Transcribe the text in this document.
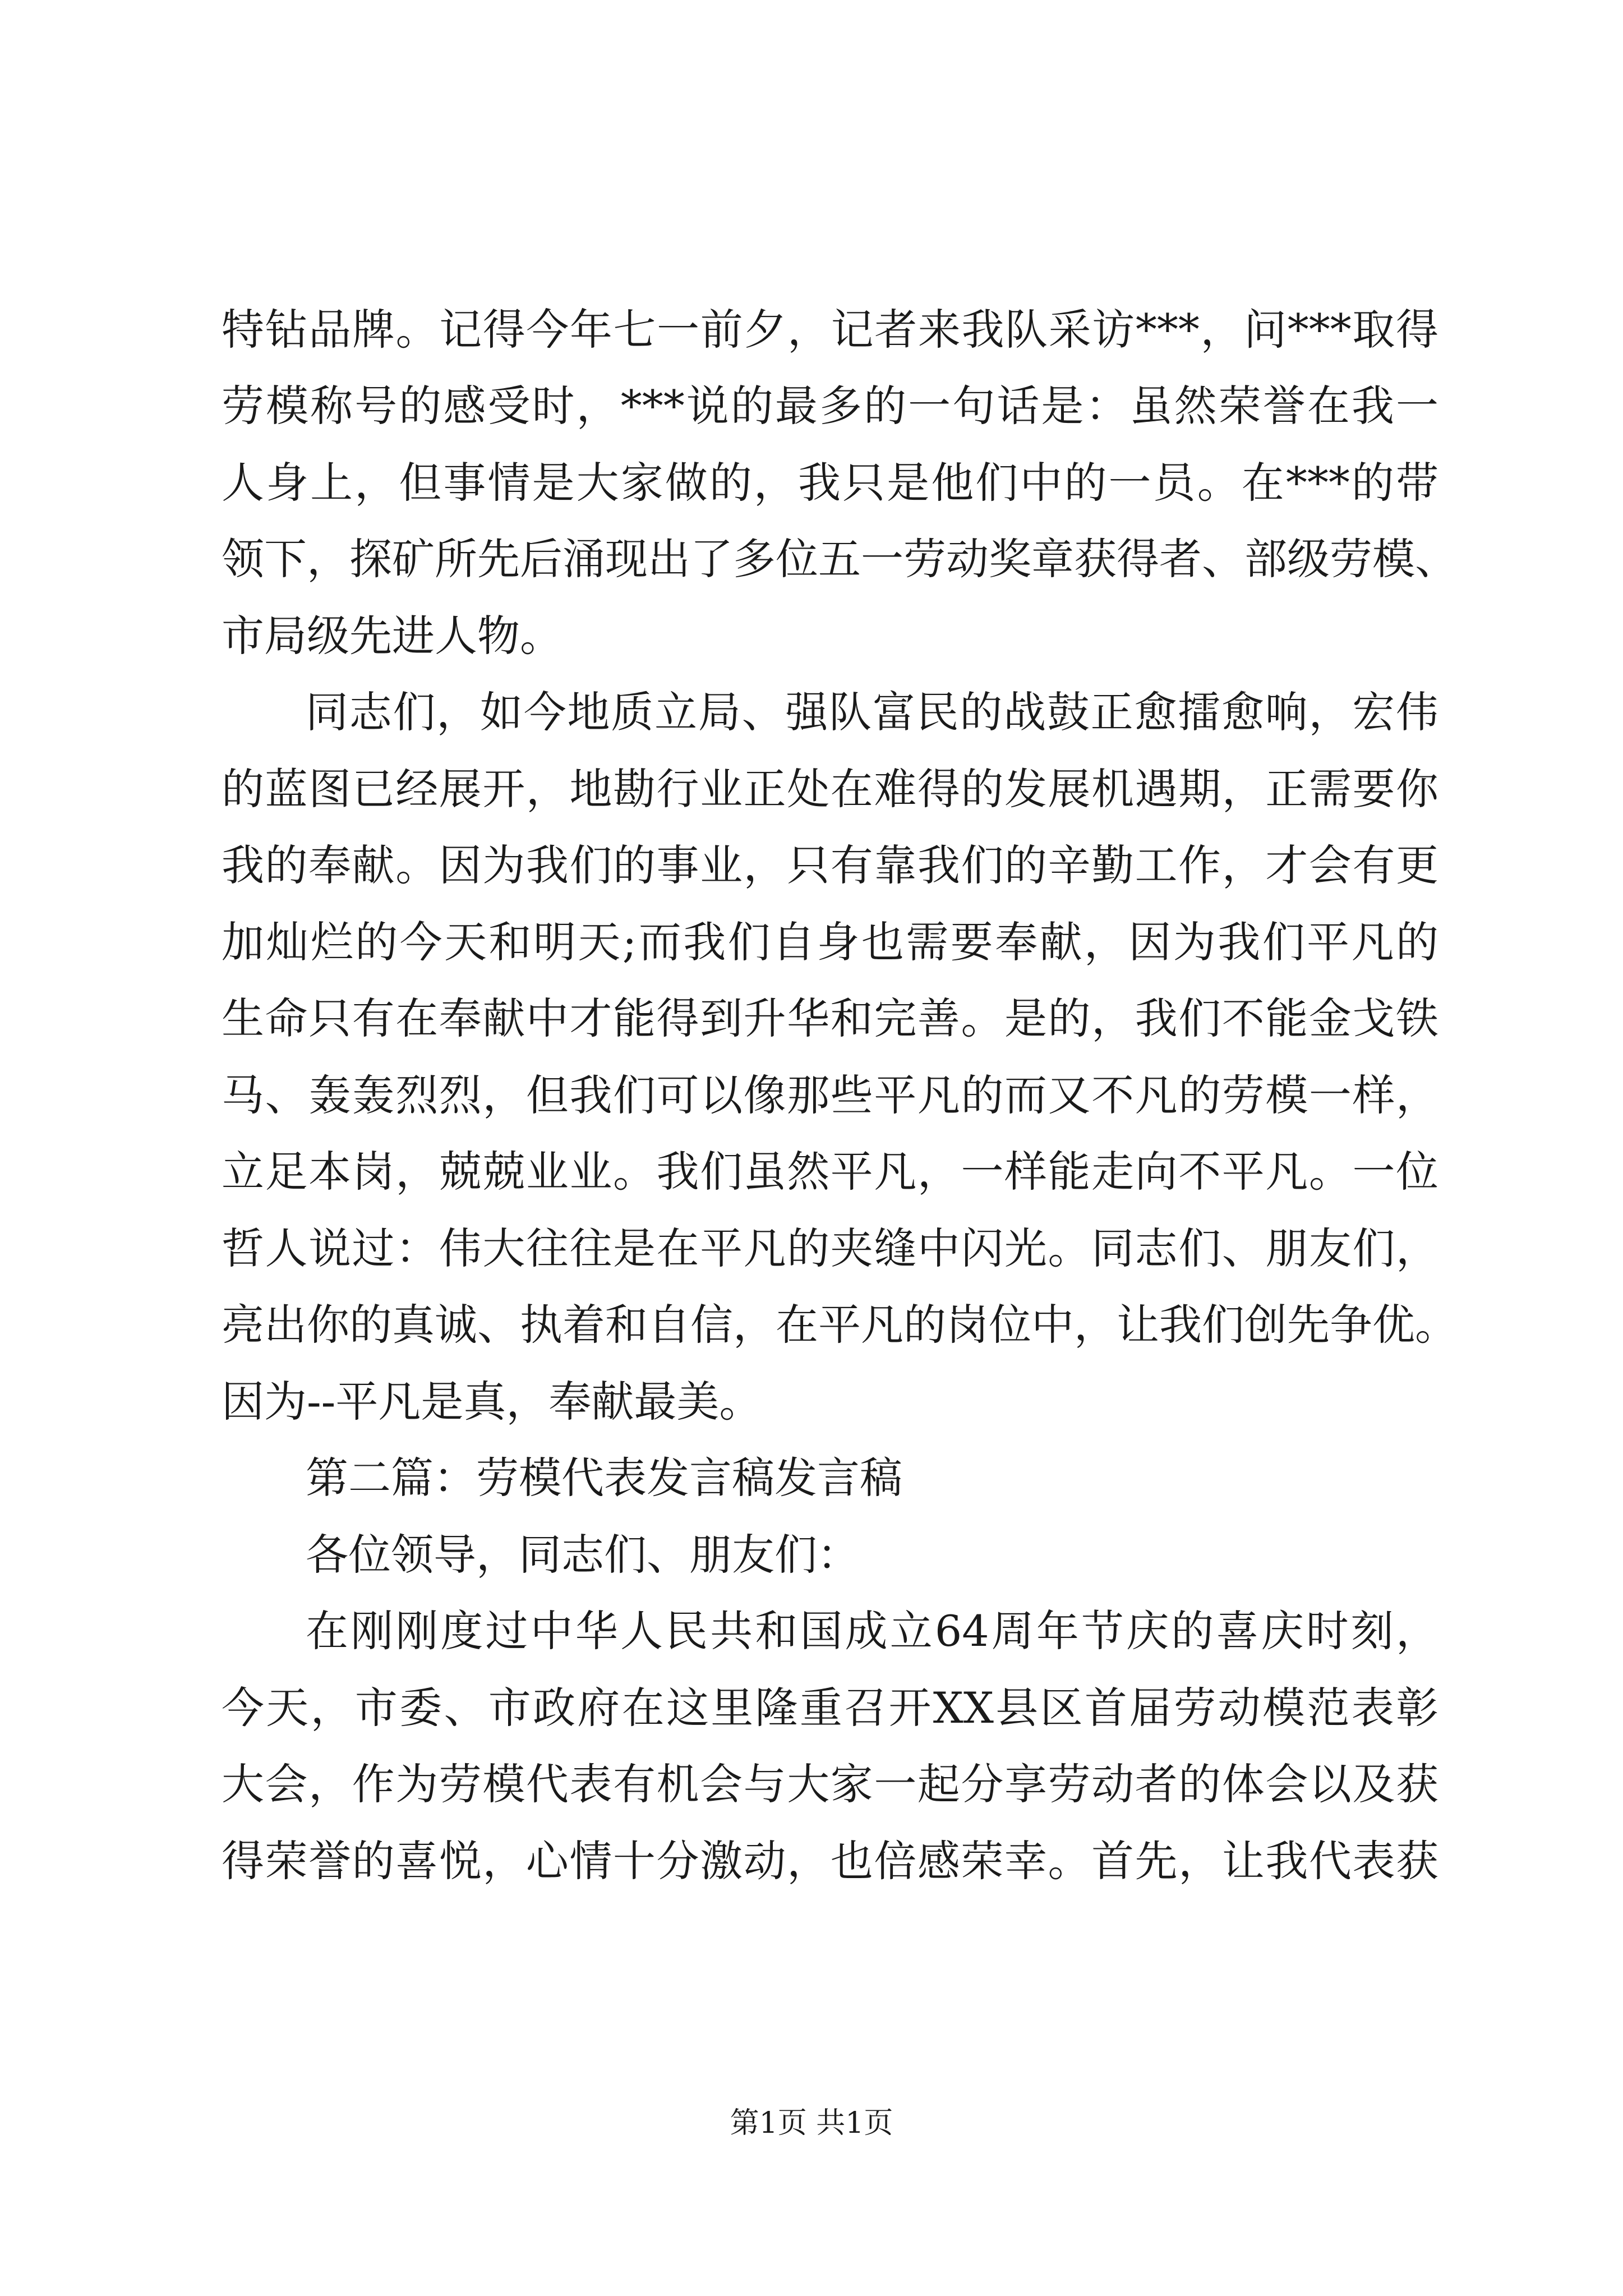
特钻品牌。记得今年七一前夕，记者来我队采访***，问***取得

劳模称号的感受时，***说的最多的一句话是：虽然荣誉在我一

人身上，但事情是大家做的，我只是他们中的一员。在***的带

领下，探矿所先后涌现出了多位五一劳动奖章获得者、部级劳模、

市局级先进人物。

同志们，如今地质立局、强队富民的战鼓正愈擂愈响，宏伟

的蓝图已经展开，地勘行业正处在难得的发展机遇期，正需要你

我的奉献。因为我们的事业，只有靠我们的辛勤工作，才会有更

加灿烂的今天和明天;而我们自身也需要奉献，因为我们平凡的

生命只有在奉献中才能得到升华和完善。是的，我们不能金戈铁

马、轰轰烈烈，但我们可以像那些平凡的而又不凡的劳模一样，

立足本岗，兢兢业业。我们虽然平凡，一样能走向不平凡。一位

哲人说过：伟大往往是在平凡的夹缝中闪光。同志们、朋友们，

亮出你的真诚、执着和自信，在平凡的岗位中，让我们创先争优。

因为--平凡是真，奉献最美。

第二篇：劳模代表发言稿发言稿

各位领导，同志们、朋友们：

在刚刚度过中华人民共和国成立64周年节庆的喜庆时刻，

今天，市委、市政府在这里隆重召开XX县区首届劳动模范表彰

大会，作为劳模代表有机会与大家一起分享劳动者的体会以及获

得荣誉的喜悦，心情十分激动，也倍感荣幸。首先，让我代表获

第1页 共1页
